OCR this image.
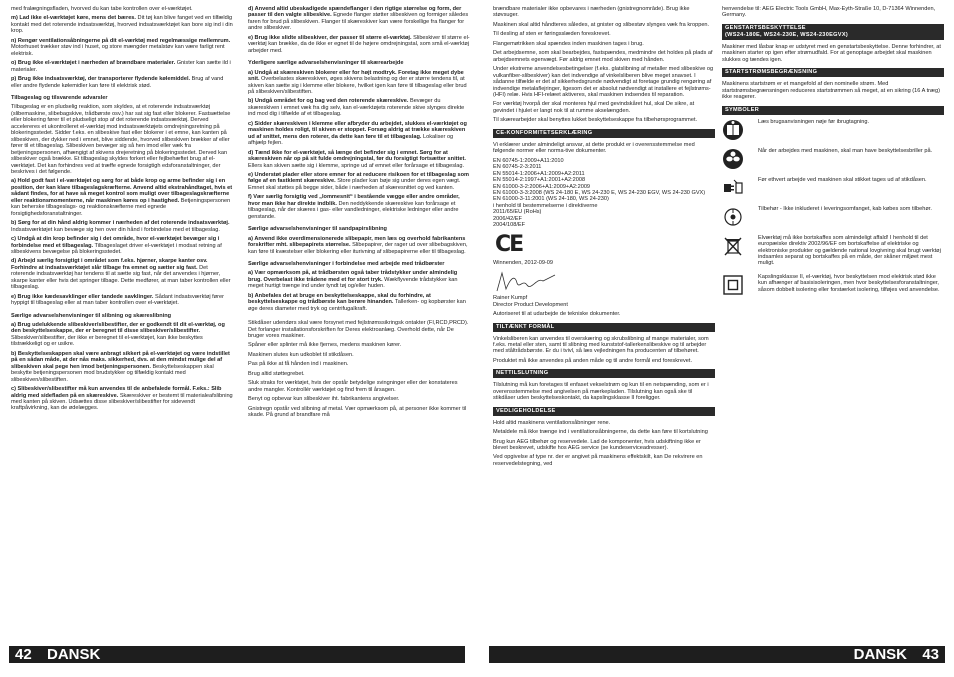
med fralægningsfladen, hvorved du kan tabe kontrollen over el-værktøjet.

m) Lad ikke el-værktøjet køre, mens det bæres. Dit tøj kan blive fanget ved en tilfældig kontakt med det roterende indsatsværktøj, hvorved indsatsværktøjet kan bore sig ind i din krop.

n) Rengør ventilationsåbningerne på dit el-værktøj med regelmæssige mellemrum. Motorhuset trækker støv ind i huset, og store mængder metalstøv kan være farligt rent elektrisk.

o) Brug ikke el-værktøjet i nærheden af brændbare materialer. Gnister kan sætte ild i materialer.

p) Brug ikke indsatsværktøj, der transporterer flydende kølemiddel. Brug af vand eller andre flydende kølemidler kan føre til elektrisk stød.

Tilbageslag og tilsvarende advarsler

Tilbageslag er en pludselig reaktion, som skyldes, at et roterende indsatsværktøj (slibemaskine, slibebagskive, trådbørste osv.) har sat sig fast eller blokerer. Fastsættelse eller blokering fører til et pludseligt stop af det roterende indsatsværktøj. Derved accelereres et ukontrolleret el-værktøj mod indsatsværktøjets omdrejningsretning på blokeringsstedet. Sidder f.eks. en slibeskive fast eller blokerer i et emne, kan kanten på slibeskiven, der dykker ned i emnet, blive siddende, hvorved slibeskiven brækker af eller fører til et tilbageslag. Slibeskiven bevæger sig så hen imod eller væk fra betjeningspersonen, afhængigt af skivens drejeretning på blokeringsstedet. Derved kan slibeskiver også brække. Et tilbageslag skyldes forkert eller fejlbehæftet brug af el-værktøjet. Det kan forhindres ved at træffe egnede forsigtigh edsforanstaltninger, der beskrives i det følgende.

a) Hold godt fast i el-værktøjet og sørg for at både krop og arme befinder sig i en position, der kan klare tilbageslagskræfterne. Anvend altid ekstrahåndtaget, hvis et sådant findes, for at have så meget kontrol som muligt over tilbageslagskræfterne eller reaktionsmomenterne, når maskinen køres op i hastighed. Betjeningspersonen kan beherske tilbageslags- og reaktionskræfterne med egnede forsigtighedsforanstaltninger.

b) Sørg for at din hånd aldrig kommer i nærheden af det roterende indsatsværktøj. Indsatsværktøjet kan bevæge sig hen over din hånd i forbindelse med et tilbageslag.

c) Undgå at din krop befinder sig i det område, hvor el-værktøjet bevæger sig i forbindelse med et tilbageslag. Tilbageslaget driver el-værktøjet i modsat retning af slibeskivens bevægelse på blokeringsstedet.

d) Arbejd særlig forsigtigt i området som f.eks. hjørner, skarpe kanter osv. Forhindre at indsatsværktøjet slår tilbage fra emnet og sætter sig fast. Det roterende indsatsværktøj har tendens til at sætte sig fast, når det anvendes i hjørner, skarpe kanter eller hvis det springer tilbage. Dette medfører, at man taber kontrollen eller tilbageslag.

e) Brug ikke kædesavklinger eller tandede savklinger. Sådant indsatsværktøj fører hyppigt til tilbageslag eller at man taber kontrollen over el-værktøjet.

Særlige advarselshenvisninger til slibning og skæreslibning

a) Brug udelukkende slibeskiver/slibestifter, der er godkendt til dit el-værktøj, og den beskyttelseskappe, der er beregnet til disse slibeskiver/slibestifter. Slibeskiver/slibestifter, der ikke er beregnet til el-værktøjet, kan ikke beskyttes tilstrækkeligt og er usikre.

b) Beskyttelseskappen skal være anbragt sikkert på el-værktøjet og være indstillet på en sådan måde, at der nås maks. sikkerhed, dvs. at den mindst mulige del af slibeskiven skal pege hen imod betjeningspersonen. Beskyttelseskappen skal beskytte betjeningspersonen mod brudstykker og tilfældig kontakt med slibeskiven/slibestiften.

c) Slibeskiver/slibestifter må kun anvendes til de anbefalede formål. F.eks.: Slib aldrig med sidefladen på en skæreskive. Skæreskiver er bestemt til materialeafslibning med kanten på skiven. Udsættes disse slibeskiver/slibestifter for sidevendt kraftpåvirkning, kan de ødelægges.

d) Anvend altid ubeskadigede spændeflanger i den rigtige størrelse og form, der passer til den valgte slibeskive. Egnede flanger støtter slibeskiven og formiger således faren for brud på slibeskiven. Flanger til skæreskiver kan være forskellige fra flanger for andre slibeskiver.

e) Brug ikke slidte slibeskiver, der passer til større el-værktøj. Slibeskiver til større el-værktøj kan brække, da de ikke er egnet til de højere omdrejningstal, som små el-værktøj arbejder med.

Yderligere særlige advarselshenvisninger til skærearbejde

a) Undgå at skæreskiven blokerer eller for højt modtryk. Foretag ikke meget dybe snit. Overbelastes skæreskiven, øges skivens belastning og der er større tendens til, at skiven kan sætte sig i klemme eller blokere, hvilket igen kan føre til tilbageslag eller brud på slibeskiven/slibestiften.

b) Undgå området for og bag ved den roterende skæreskive. Bevæger du skæreskiven i emnet væk fra dig selv, kan el-værktøjets roterende skive slynges direkte ind mod dig i tilfælde af et tilbageslag.

c) Sidder skæreskiven i klemme eller afbryder du arbejdet, slukkes el-værktøjet og maskinen holdes roligt, til skiven er stoppet. Forsøg aldrig at trække skæreskiven ud af snittet, mens den roterer, da dette kan føre til et tilbageslag. Lokaliser og afhjælp fejlen.

d) Tænd ikke for el-værktøjet, så længe det befinder sig i emnet. Sørg for at skæreskiven når op på sit fulde omdrejningstal, før du forsigtigt fortsætter snittet. Ellers kan skiven sætte sig i klemme, springe ud af emnet eller forårsage et tilbageslag.

e) Understøt plader eller store emner for at reducere risikoen for et tilbageslag som følge af en fastklemt skæreskive. Store plader kan bøje sig under deres egen vægt. Emnet skal støttes på begge sider, både i nærheden af skæresnittet og ved kanten.

f) Vær særlig forsigtig ved „lommesnit“ i bestående vægge eller andre områder, hvor man ikke har direkte indblik. Den neddykkende skæreskive kan forårsage et tilbageslag, når der skæres i gas- eller vandledninger, elektriske ledninger eller andre genstande.

Særlige advarselshenvisninger til sandpapirslibning

a) Anvend ikke overdimensionerede slibepapir, men læs og overhold fabrikantens forskrifter mht. slibepapirets størrelse. Slibepapirer, der rager ud over slibebagskiven, kan føre til kvæstelser eller blokering eller iturivning af slibepapirerne eller til tilbageslag.

Særlige advarselshenvisninger i forbindelse med arbejde med trådbørster

a) Vær opmærksom på, at trådbørsten også taber trådstykker under almindelig brug. Overbelast ikke trådene med et for stort tryk. Wækflyvende trådstykker kan meget hurtigt trænge ind under tyndt tøj og/eller huden.

b) Anbefales det at bruge en beskyttelseskappe, skal du forhindre, at beskyttelseskappe og trådbørste kan berøre hinanden. Tallerken- og kopbørster kan øge deres diameter med tryk og centrifugalkraft.

Stikdåser udendørs skal være forsynet med fejlstrømssikringsk ontakter (FI,RCD,PRCD). Det forlanger installationsforskriften for Deres elektroanlæg. Overhold dette, når De bruger vores maskiner.

Spåner eller splinter må ikke fjernes, medens maskinen kører.

Maskinen slutes kun udkoblet til stikdåsen.

Pas på ikke at få hånden ind i maskinen.

Brug altid støttegrebet.

Sluk straks for værktøjet, hvis der opstår betydelige svingninger eller der konstateres andre mangler. Kontrollér værktøjet og find frem til årsagen.

Benyt og opbevar kun slibeskiver iht. fabrikantens angivelser.

Gnistregn opstår ved slibning af metal. Vær opmærksom på, at personer ikke kommer til skade. På grund af brandfare må

brændbare materialer ikke opbevares i nærheden (gnistregnområde). Brug ikke støvsuger.

Maskinen skal altid håndteres således, at gnister og slibestøv slynges væk fra kroppen.

Til desling af sten er føringsslæden foreskrevet.

Flangemøtrikken skal spændes inden maskinen tages i brug.

Det arbejdsemne, som skal bearbejdes, fastspændes, medmindre det holdes på plads af arbejdsemnets egenvægt. Før aldrig emnet mod skiven med hånden.

Under ekstreme anvendelsesbetingelser (f.eks. glatslibning af metaller med slibeskive og vulkanfiber-slibeskiver) kan det indvendige af vinkelsliberen blive meget snavset. I sådanne tilfælde er det af sikkerhedsgrunde nødvendigt at foretage grundig rengøring af indvendige metalaflejringer, ligesom det er absolut nødvendigt at installere et fejlstrøms- (HFI) relæ. Hvis HFI-relæet aktiveres, skal maskinen indsendes til reparation.

For værktøj hvorpå der skal monteres hjul med gevindskåret hul, skal De sikre, at gevindet i hjulet er langt nok til at rumme akselængden.

Til skærearbejder skal benyttes lukket beskyttelseskappe fra tilbehørsprogrammet.

CE-KONFORMITETSERKLÆRING

Vi erklærer under almindeligt ansvar, at dette produkt er i overensstemmelse med følgende normer eller norma-tive dokumenter.

EN 60745-1:2009+A11:2010
EN 60745-2-3:2011
EN 55014-1:2006+A1:2009+A2:2011
EN 55014-2:1997+A1:2001+A2:2008
EN 61000-3-2:2006+A1:2009+A2:2009
EN 61000-3-3:2008 (WS 24-180 E, WS 24-230 E, WS 24-230 EGV, WS 24-230 GVX)
EN 61000-3-11:2001 (WS 24-180, WS 24-230)
i henhold til bestemmelserne i direktiverne
2011/65/EU (RoHs)
2006/42/EF
2004/108/EF
CE

Winnenden, 2012-09-09

Rainer Kumpf

Director Product Development

Autoriseret til at udarbejde de tekniske dokumenter.

TILTÆNKT FORMÅL

Vinkelsliberen kan anvendes til overskæring og skrubslibning af mange materialer, som f.eks. metal eller sten, samt til slibning med kunststof-tallerkenslibeskive og til arbejder med ståltrådsbørste. Er du i tvivl, så læs vejledningen fra producenten af tilbehøret.

Produktet må ikke anvendes på anden måde og til andre formål end foreskrevet.

NETTILSLUTNING

Tilslutning må kun foretages til enfaset vekselstrøm og kun til en netspænding, som er i overensstemmelse med angivelsen på mærkepladen. Tilslutning kan også ske til stikdåser uden beskyttelseskontakt, da kapslingsklasse II foreligger.

VEDLIGEHOLDELSE

Hold altid maskinens ventilationsåbninger rene.

Metaldele må ikke trænge ind i ventilationsåbningerne, da dette kan føre til kortslutning

Brug kun AEG tilbehør og reservedele. Lad de komponenter, hvis udskiftning ikke er blevet beskrevet, udskifte hos AEG service (se kundeserviceadresser).

Ved opgivelse af type nr. der er angivet på maskinens effektskilt, kan De rekvirere en reservedelstegning, ved

henvendelse til: AEG Electric Tools GmbH, Max-Eyth-Straße 10, D-71364 Winnenden, Germany.

GENSTARTSBESKYTTELSE
(WS24-180E, WS24-230E, WS24-230EGVX)

Maskiner med låsbar knap er udstyret med en genstartsbeskyttelse. Denne forhindrer, at maskinen starter op igen efter strømudfald. For at genoptage arbejdet skal maskinen slukkes og tændes igen.

STARTSTRØMSBEGRÆNSNING

Maskinens startstrøm er et mangefold af den nominelle strøm. Med startstrømsbegrænsningen reduceres startstrømmen så meget, at en sikring (16 A træg) ikke reagerer.

SYMBOLER
Læs brugsanvisningen nøje før ibrugtagning.
Når der arbejdes med maskinen, skal man have beskyttelsesbriller på.
Før ethvert arbejde ved maskinen skal stikket tages ud af stikdåsen.
Tilbehør - Ikke inkluderet i leveringsomfanget, kab købes som tilbehør.
Elværktøj må ikke bortskaffes som almindeligt affald! I henhold til det europæiske direktiv 2002/96/EF om bortskaffelse af elektriske og elektroniske produkter og gældende national lovgivning skal brugt værktøj indsamles separat og bortskaffes på en måde, der skåner miljøet mest muligt.
Kapslingsklasse II, el-værktøj, hvor beskyttelsen mod elektrisk stød ikke kun afhænger af basisisoleringen, men hvor beskyttelsesforanstaltninger, såsom dobbelt isolering eller forstærket isolering, tilføjes ved anvendelse.
42 DANSK	DANSK 43
